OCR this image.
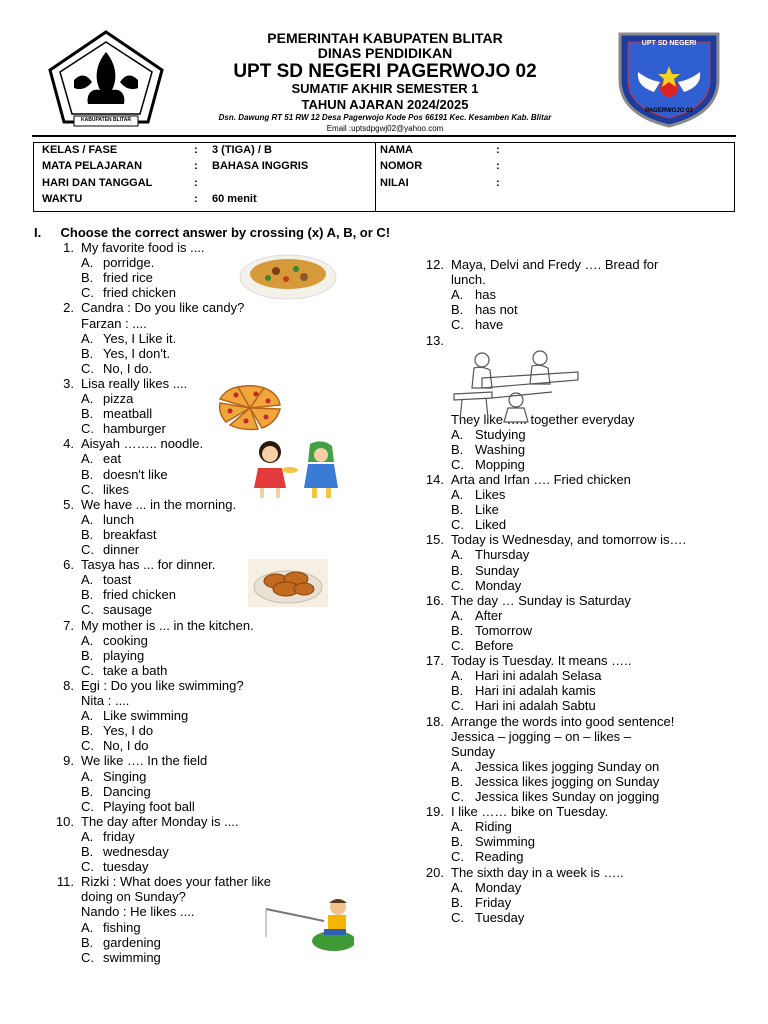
KABUPATEN BLITAR
UPT SD NEGERI
PAGERWOJO 02
PEMERINTAH KABUPATEN BLITAR
DINAS PENDIDIKAN
UPT SD NEGERI PAGERWOJO 02
SUMATIF AKHIR SEMESTER 1
TAHUN AJARAN 2024/2025
Dsn. Dawung RT 51 RW 12 Desa Pagerwojo Kode Pos 66191 Kec. Kesamben Kab. Blitar
Email :uptsdpgwj02@yahoo.com
KELAS / FASE	: 3 (TIGA) / B
MATA PELAJARAN	: BAHASA INGGRIS
HARI DAN TANGGAL	:
WAKTU	: 60 menit
NAMA	:
NOMOR	:
NILAI	:
I. Choose the correct answer by crossing (x) A, B, or C!
1. My favorite food is ....
A. porridge.
B. fried rice
C. fried chicken
2. Candra : Do you like candy?
Farzan : ....
A. Yes, I Like it.
B. Yes, I don't.
C. No, I do.
3. Lisa really likes ....
A. pizza
B. meatball
C. hamburger
4. Aisyah …….. noodle.
A. eat
B. doesn't like
C. likes
5. We have ... in the morning.
A. lunch
B. breakfast
C. dinner
6. Tasya has ... for dinner.
A. toast
B. fried chicken
C. sausage
7. My mother is ... in the kitchen.
A. cooking
B. playing
C. take a bath
8. Egi : Do you like swimming?
Nita : ....
A. Like swimming
B. Yes, I do
C. No, I do
9. We like …. In the field
A. Singing
B. Dancing
C. Playing foot ball
10. The day after Monday is ....
A. friday
B. wednesday
C. tuesday
11. Rizki : What does your father like
doing on Sunday?
Nando : He likes ....
A. fishing
B. gardening
C. swimming
12. Maya, Delvi and Fredy …. Bread for
lunch.
A. has
B. has not
C. have
13.
They like ….. together everyday
A. Studying
B. Washing
C. Mopping
14. Arta and Irfan …. Fried chicken
A. Likes
B. Like
C. Liked
15. Today is Wednesday, and tomorrow is….
A. Thursday
B. Sunday
C. Monday
16. The day … Sunday is Saturday
A. After
B. Tomorrow
C. Before
17. Today is Tuesday. It means …..
A. Hari ini adalah Selasa
B. Hari ini adalah kamis
C. Hari ini adalah Sabtu
18. Arrange the words into good sentence!
Jessica – jogging – on – likes –
Sunday
A. Jessica likes jogging Sunday on
B. Jessica likes jogging on Sunday
C. Jessica likes Sunday on jogging
19. I like …… bike on Tuesday.
A. Riding
B. Swimming
C. Reading
20. The sixth day in a week is …..
A. Monday
B. Friday
C. Tuesday
